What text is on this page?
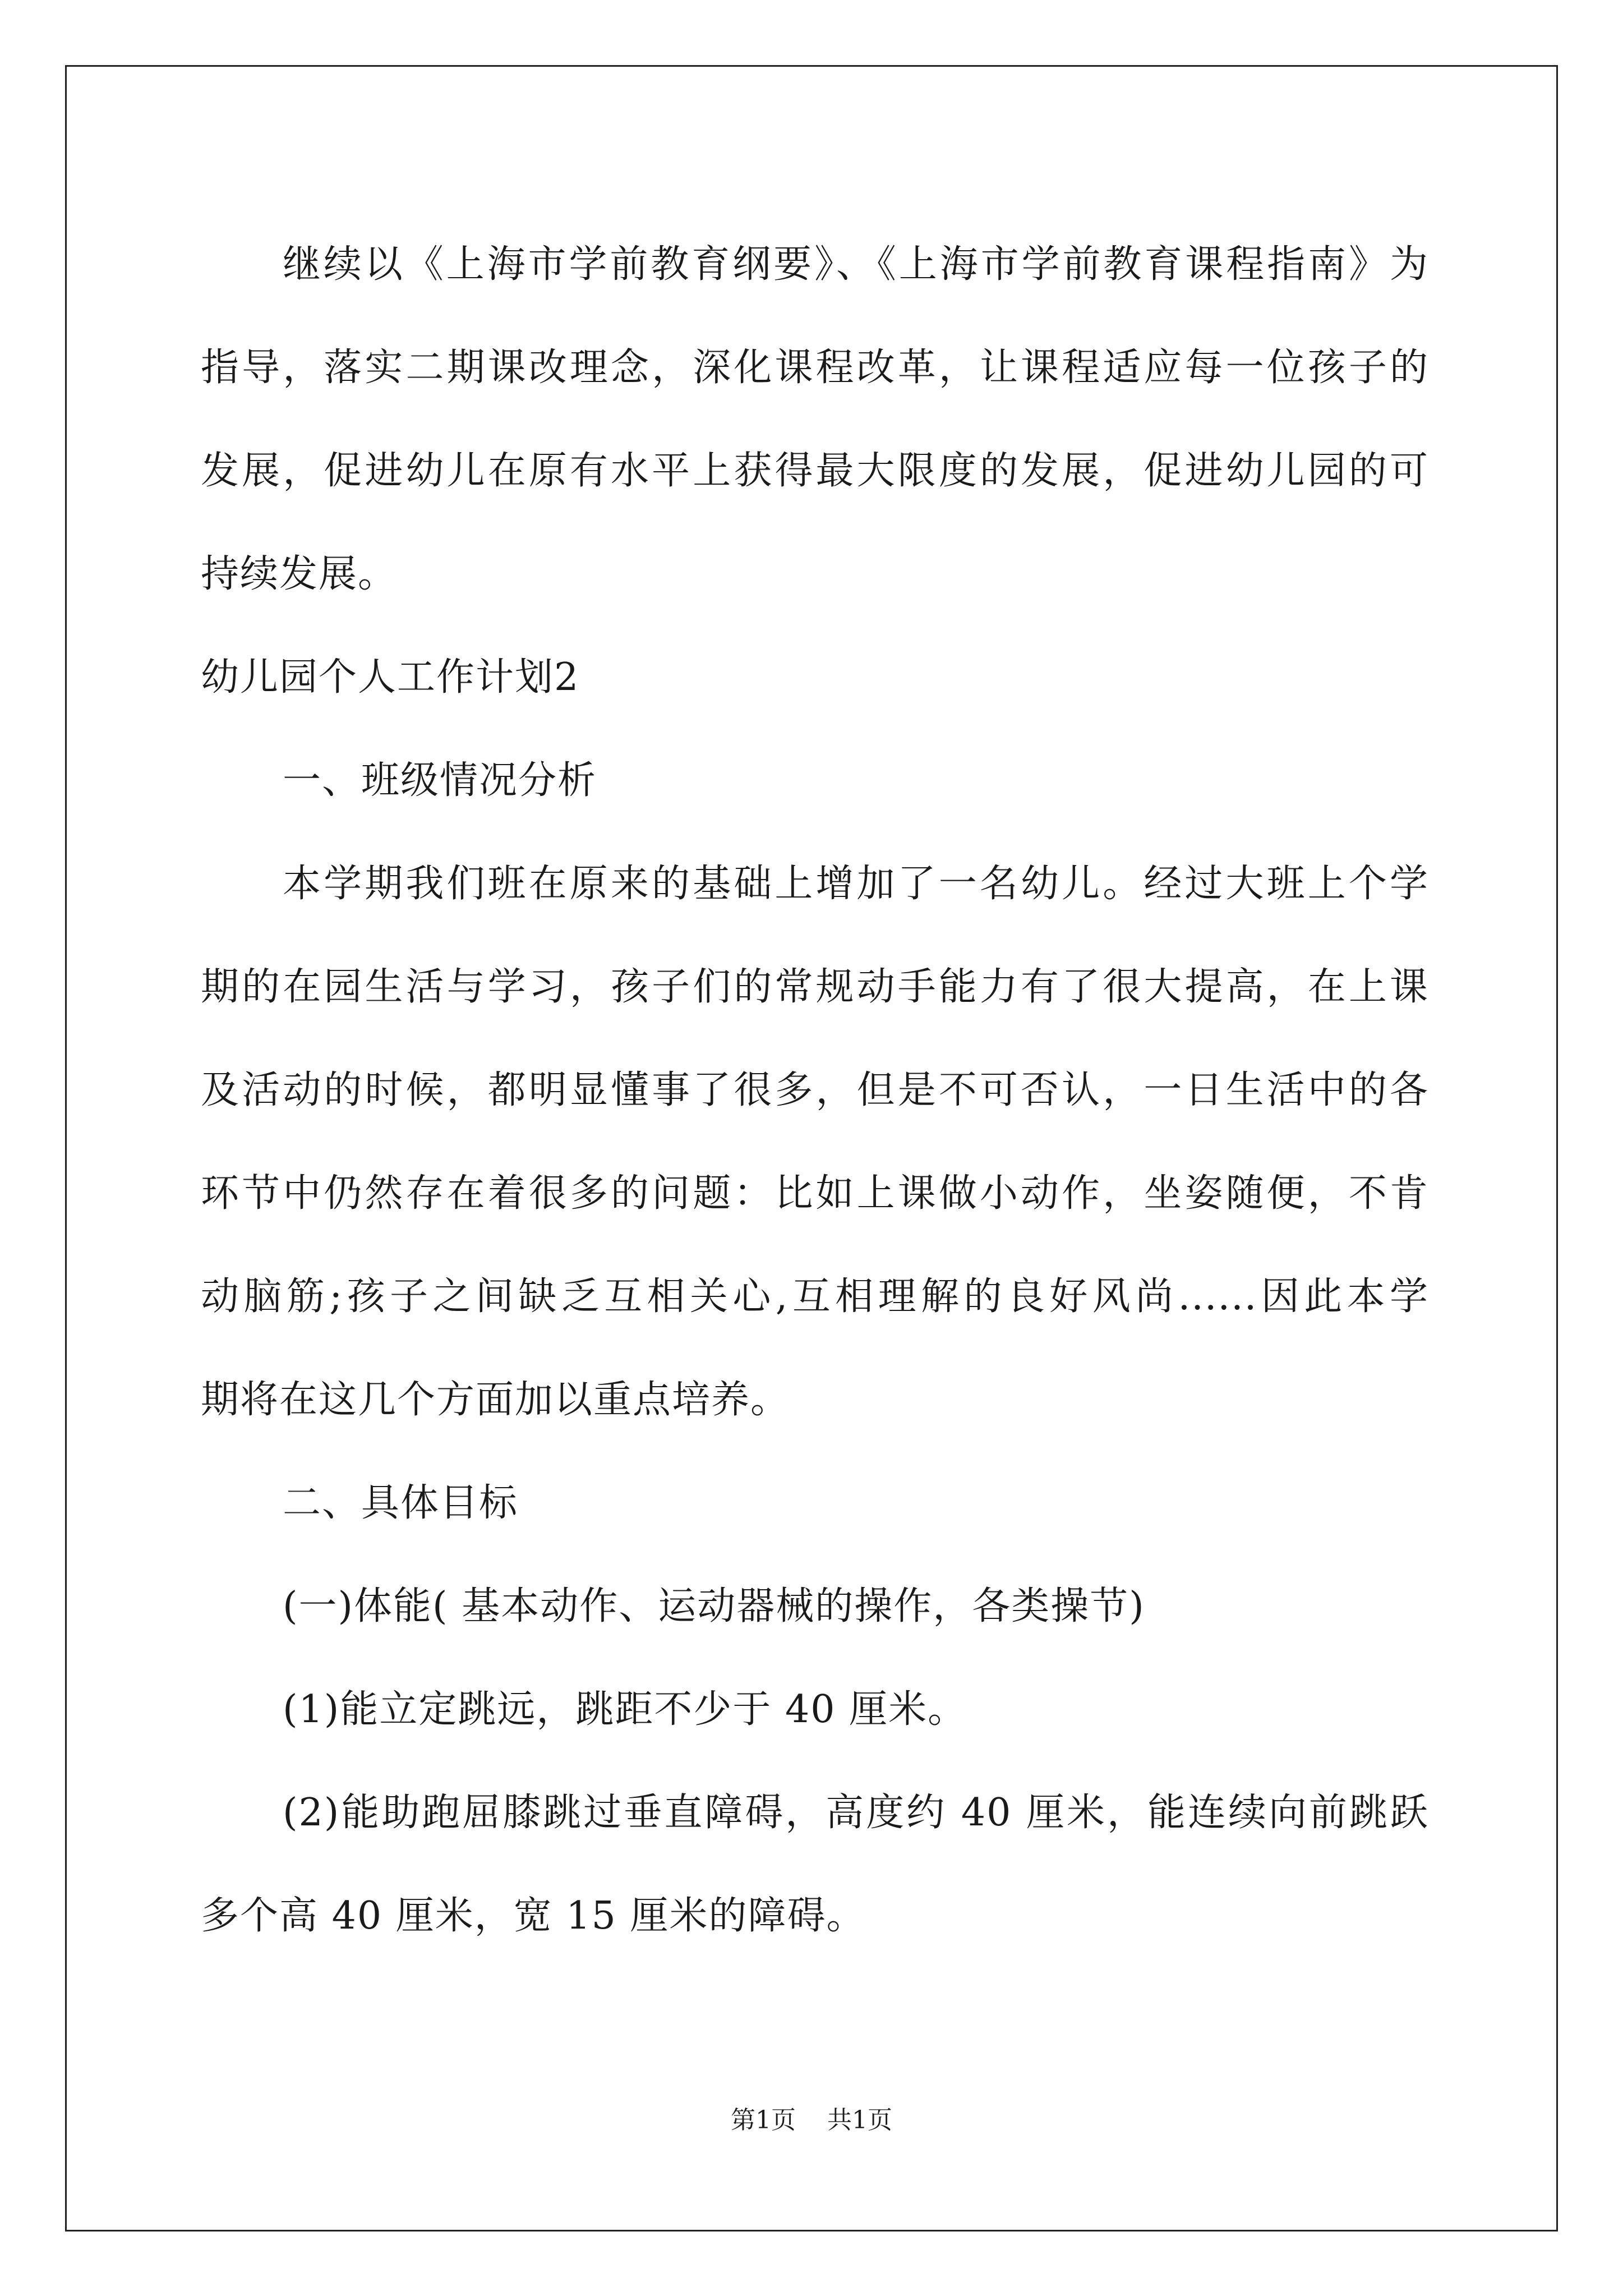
继续以《上海市学前教育纲要》、《上海市学前教育课程指南》为
指导，落实二期课改理念，深化课程改革，让课程适应每一位孩子的
发展，促进幼儿在原有水平上获得最大限度的发展，促进幼儿园的可
持续发展。
幼儿园个人工作计划2
一、班级情况分析
本学期我们班在原来的基础上增加了一名幼儿。经过大班上个学
期的在园生活与学习，孩子们的常规动手能力有了很大提高，在上课
及活动的时候，都明显懂事了很多，但是不可否认，一日生活中的各
环节中仍然存在着很多的问题：比如上课做小动作，坐姿随便，不肯
动脑筋;孩子之间缺乏互相关心,互相理解的良好风尚......因此本学
期将在这几个方面加以重点培养。
二、具体目标
(一)体能( 基本动作、运动器械的操作，各类操节)
(1)能立定跳远，跳距不少于 40 厘米。
(2)能助跑屈膝跳过垂直障碍，高度约 40 厘米，能连续向前跳跃
多个高 40 厘米，宽 15 厘米的障碍。
第1页 共1页
